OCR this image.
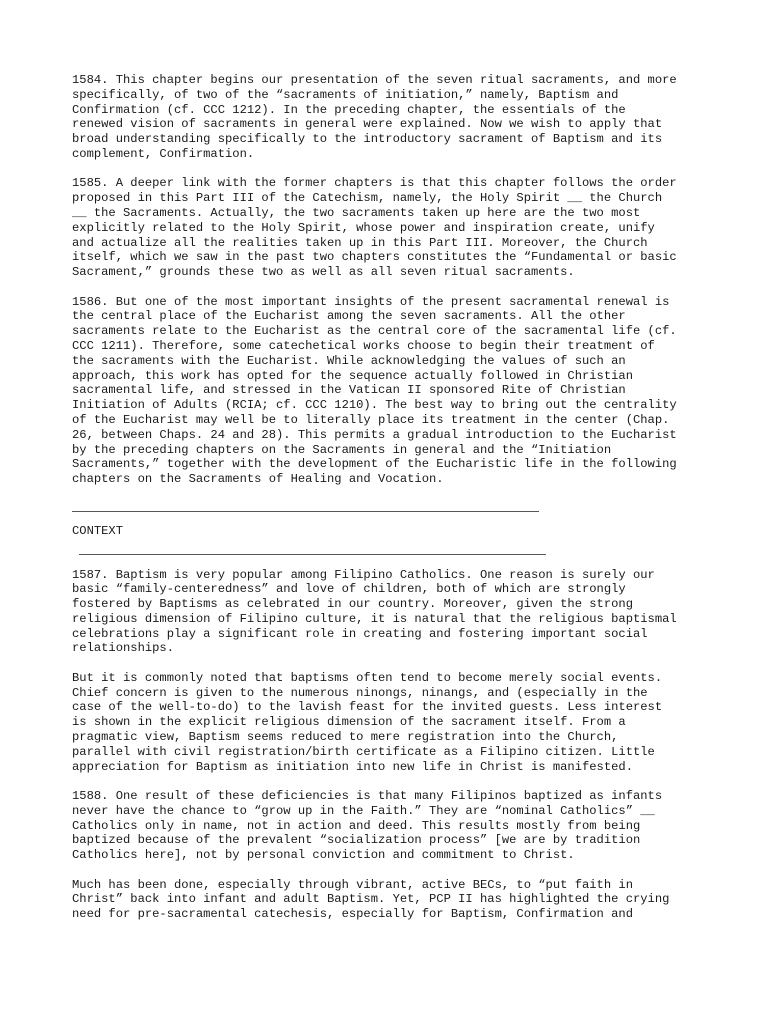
1584. This chapter begins our presentation of the seven ritual sacraments, and more
specifically, of two of the “sacraments of initiation,” namely, Baptism and
Confirmation (cf. CCC 1212). In the preceding chapter, the essentials of the
renewed vision of sacraments in general were explained. Now we wish to apply that
broad understanding specifically to the introductory sacrament of Baptism and its
complement, Confirmation.

1585. A deeper link with the former chapters is that this chapter follows the order
proposed in this Part III of the Catechism, namely, the Holy Spirit __ the Church
__ the Sacraments. Actually, the two sacraments taken up here are the two most
explicitly related to the Holy Spirit, whose power and inspiration create, unify
and actualize all the realities taken up in this Part III. Moreover, the Church
itself, which we saw in the past two chapters constitutes the “Fundamental or basic
Sacrament,” grounds these two as well as all seven ritual sacraments.

1586. But one of the most important insights of the present sacramental renewal is
the central place of the Eucharist among the seven sacraments. All the other
sacraments relate to the Eucharist as the central core of the sacramental life (cf.
CCC 1211). Therefore, some catechetical works choose to begin their treatment of
the sacraments with the Eucharist. While acknowledging the values of such an
approach, this work has opted for the sequence actually followed in Christian
sacramental life, and stressed in the Vatican II sponsored Rite of Christian
Initiation of Adults (RCIA; cf. CCC 1210). The best way to bring out the centrality
of the Eucharist may well be to literally place its treatment in the center (Chap.
26, between Chaps. 24 and 28). This permits a gradual introduction to the Eucharist
by the preceding chapters on the Sacraments in general and the “Initiation
Sacraments,” together with the development of the Eucharistic life in the following
chapters on the Sacraments of Healing and Vocation.

CONTEXT

1587. Baptism is very popular among Filipino Catholics. One reason is surely our
basic “family-centeredness” and love of children, both of which are strongly
fostered by Baptisms as celebrated in our country. Moreover, given the strong
religious dimension of Filipino culture, it is natural that the religious baptismal
celebrations play a significant role in creating and fostering important social
relationships.

But it is commonly noted that baptisms often tend to become merely social events.
Chief concern is given to the numerous ninongs, ninangs, and (especially in the
case of the well-to-do) to the lavish feast for the invited guests. Less interest
is shown in the explicit religious dimension of the sacrament itself. From a
pragmatic view, Baptism seems reduced to mere registration into the Church,
parallel with civil registration/birth certificate as a Filipino citizen. Little
appreciation for Baptism as initiation into new life in Christ is manifested.

1588. One result of these deficiencies is that many Filipinos baptized as infants
never have the chance to “grow up in the Faith.” They are “nominal Catholics” __
Catholics only in name, not in action and deed. This results mostly from being
baptized because of the prevalent “socialization process” [we are by tradition
Catholics here], not by personal conviction and commitment to Christ.

Much has been done, especially through vibrant, active BECs, to “put faith in
Christ” back into infant and adult Baptism. Yet, PCP II has highlighted the crying
need for pre-sacramental catechesis, especially for Baptism, Confirmation and
